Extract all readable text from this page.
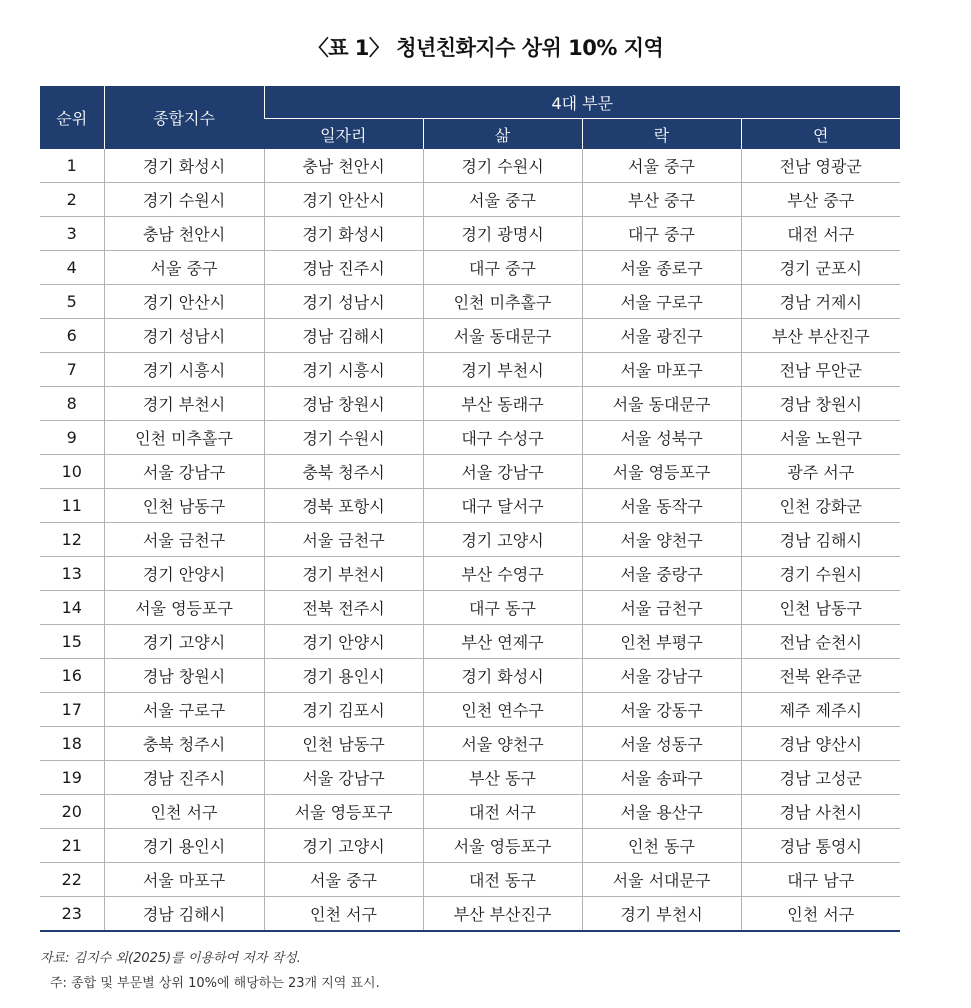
〈표 1〉 청년친화지수 상위 10% 지역
순위	종합지수	4대 부문			
		일자리	삶	락	연
1	경기 화성시	충남 천안시	경기 수원시	서울 중구	전남 영광군
2	경기 수원시	경기 안산시	서울 중구	부산 중구	부산 중구
3	충남 천안시	경기 화성시	경기 광명시	대구 중구	대전 서구
4	서울 중구	경남 진주시	대구 중구	서울 종로구	경기 군포시
5	경기 안산시	경기 성남시	인천 미추홀구	서울 구로구	경남 거제시
6	경기 성남시	경남 김해시	서울 동대문구	서울 광진구	부산 부산진구
7	경기 시흥시	경기 시흥시	경기 부천시	서울 마포구	전남 무안군
8	경기 부천시	경남 창원시	부산 동래구	서울 동대문구	경남 창원시
9	인천 미추홀구	경기 수원시	대구 수성구	서울 성북구	서울 노원구
10	서울 강남구	충북 청주시	서울 강남구	서울 영등포구	광주 서구
11	인천 남동구	경북 포항시	대구 달서구	서울 동작구	인천 강화군
12	서울 금천구	서울 금천구	경기 고양시	서울 양천구	경남 김해시
13	경기 안양시	경기 부천시	부산 수영구	서울 중랑구	경기 수원시
14	서울 영등포구	전북 전주시	대구 동구	서울 금천구	인천 남동구
15	경기 고양시	경기 안양시	부산 연제구	인천 부평구	전남 순천시
16	경남 창원시	경기 용인시	경기 화성시	서울 강남구	전북 완주군
17	서울 구로구	경기 김포시	인천 연수구	서울 강동구	제주 제주시
18	충북 청주시	인천 남동구	서울 양천구	서울 성동구	경남 양산시
19	경남 진주시	서울 강남구	부산 동구	서울 송파구	경남 고성군
20	인천 서구	서울 영등포구	대전 서구	서울 용산구	경남 사천시
21	경기 용인시	경기 고양시	서울 영등포구	인천 동구	경남 통영시
22	서울 마포구	서울 중구	대전 동구	서울 서대문구	대구 남구
23	경남 김해시	인천 서구	부산 부산진구	경기 부천시	인천 서구
자료: 김지수 외(2025)를 이용하여 저자 작성.
주: 종합 및 부문별 상위 10%에 해당하는 23개 지역 표시.
